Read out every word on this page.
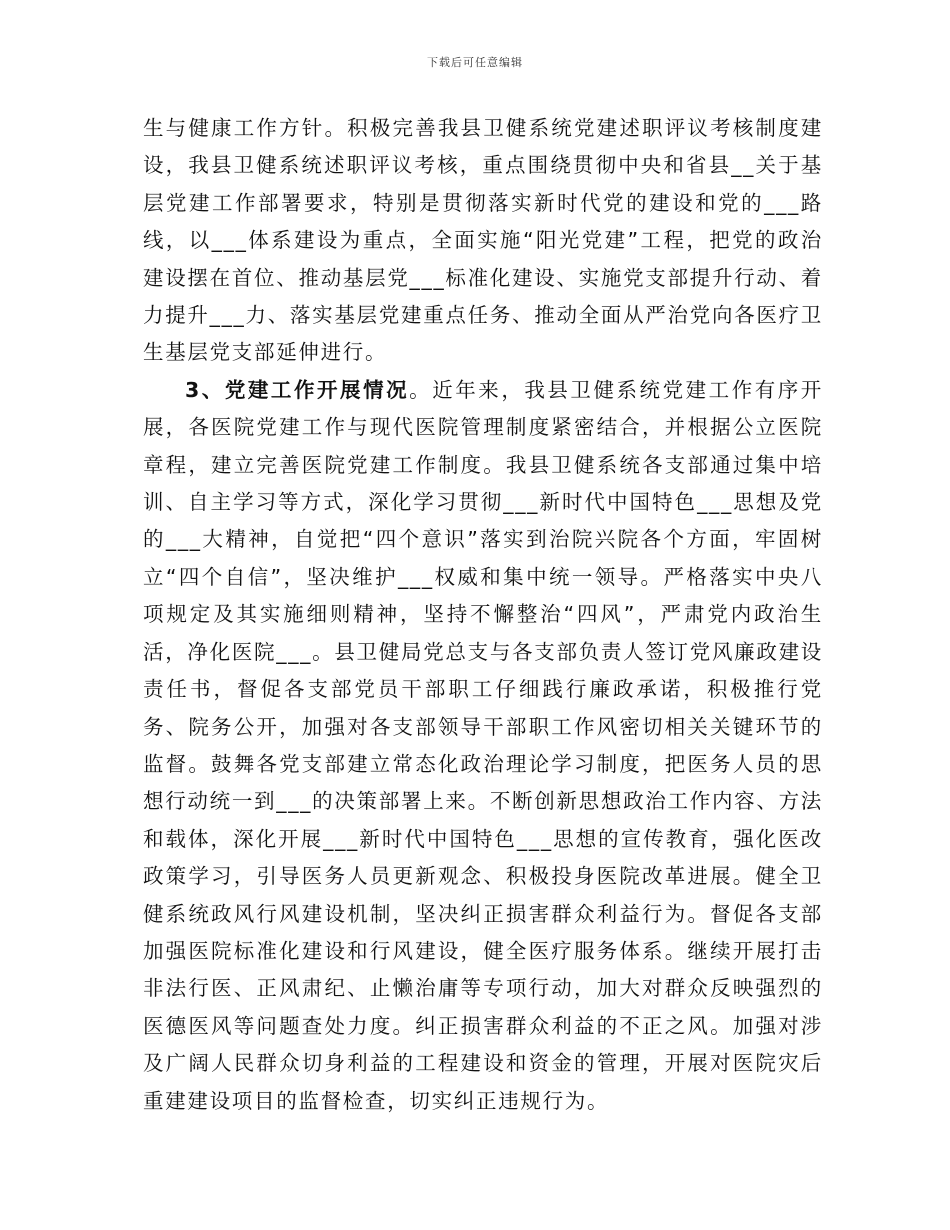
下载后可任意编辑

生与健康工作方针。积极完善我县卫健系统党建述职评议考核制度建设，我县卫健系统述职评议考核，重点围绕贯彻中央和省县__关于基层党建工作部署要求，特别是贯彻落实新时代党的建设和党的___路线，以___体系建设为重点，全面实施“阳光党建”工程，把党的政治建设摆在首位、推动基层党___标准化建设、实施党支部提升行动、着力提升___力、落实基层党建重点任务、推动全面从严治党向各医疗卫生基层党支部延伸进行。

3、党建工作开展情况。近年来，我县卫健系统党建工作有序开展，各医院党建工作与现代医院管理制度紧密结合，并根据公立医院章程，建立完善医院党建工作制度。我县卫健系统各支部通过集中培训、自主学习等方式，深化学习贯彻___新时代中国特色___思想及党的___大精神，自觉把“四个意识”落实到治院兴院各个方面，牢固树立“四个自信”，坚决维护___权威和集中统一领导。严格落实中央八项规定及其实施细则精神，坚持不懈整治“四风”，严肃党内政治生活，净化医院___。县卫健局党总支与各支部负责人签订党风廉政建设责任书，督促各支部党员干部职工仔细践行廉政承诺，积极推行党务、院务公开，加强对各支部领导干部职工作风密切相关关键环节的监督。鼓舞各党支部建立常态化政治理论学习制度，把医务人员的思想行动统一到___的决策部署上来。不断创新思想政治工作内容、方法和载体，深化开展___新时代中国特色___思想的宣传教育，强化医改政策学习，引导医务人员更新观念、积极投身医院改革进展。健全卫健系统政风行风建设机制，坚决纠正损害群众利益行为。督促各支部加强医院标准化建设和行风建设，健全医疗服务体系。继续开展打击非法行医、正风肃纪、止懒治庸等专项行动，加大对群众反映强烈的医德医风等问题查处力度。纠正损害群众利益的不正之风。加强对涉及广阔人民群众切身利益的工程建设和资金的管理，开展对医院灾后重建建设项目的监督检查，切实纠正违规行为。
